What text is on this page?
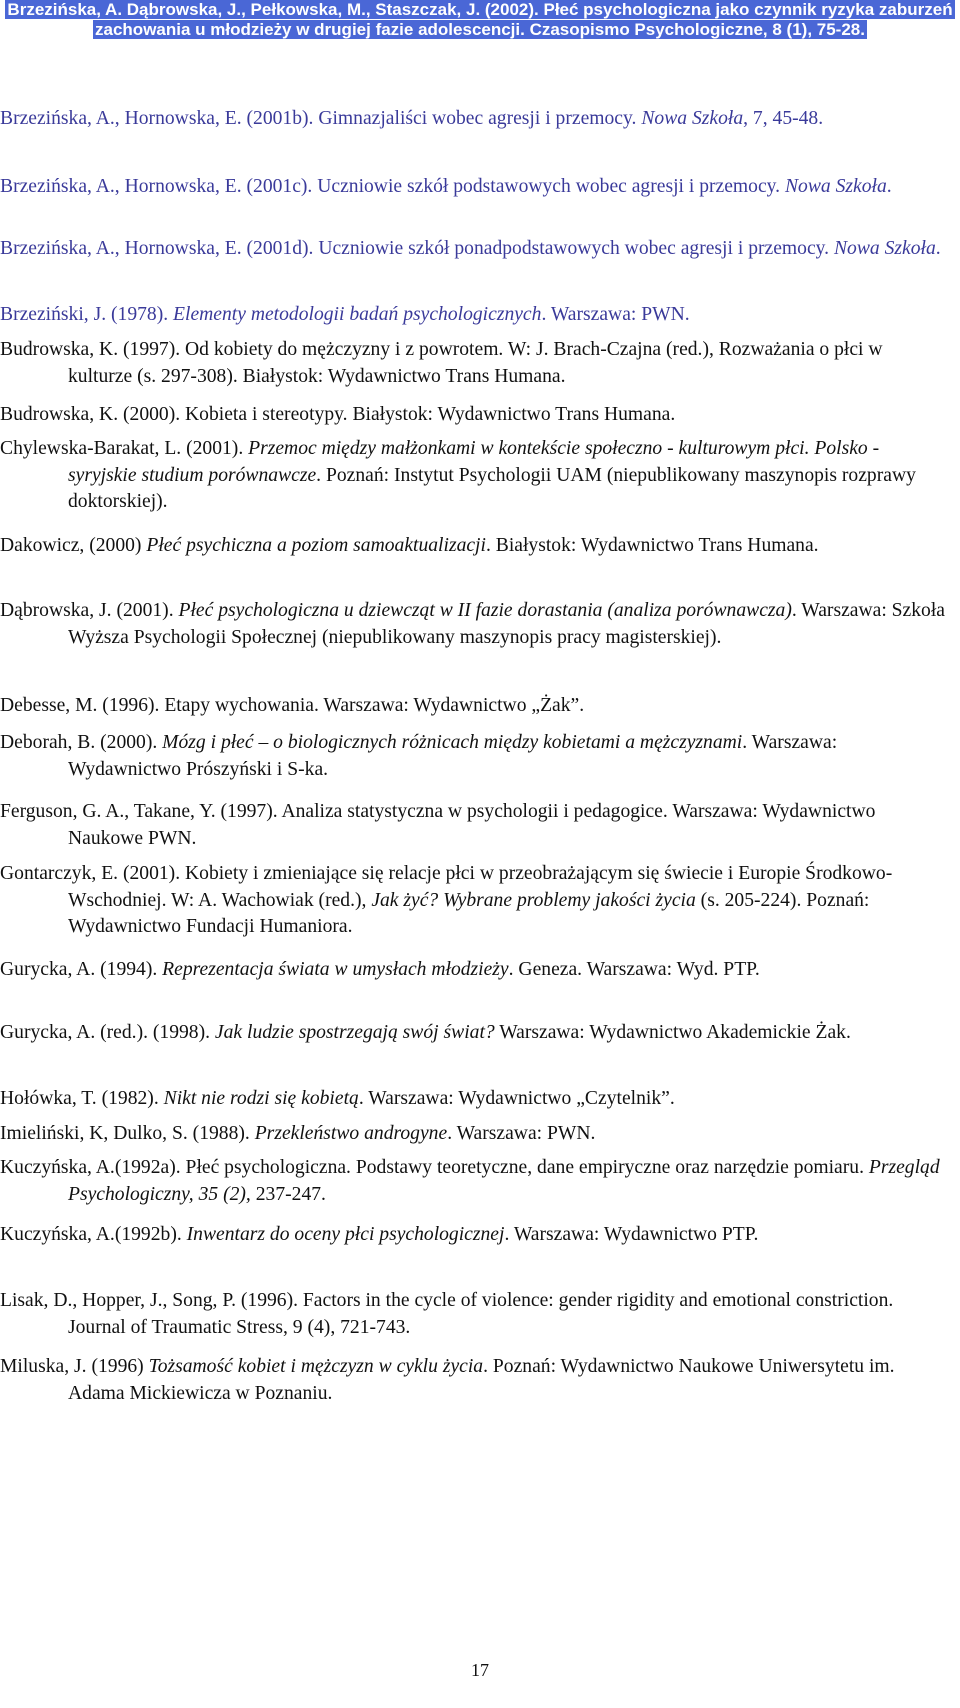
Brzezińska, A. Dąbrowska, J., Pełkowska, M., Staszczak, J. (2002). Płeć psychologiczna jako czynnik ryzyka zaburzeń
zachowania u młodzieży w drugiej fazie adolescencji. Czasopismo Psychologiczne, 8 (1), 75-28.
Brzezińska, A., Hornowska, E. (2001b). Gimnazjaliści wobec agresji i przemocy. Nowa Szkoła, 7, 45-48.
Brzezińska, A., Hornowska, E. (2001c). Uczniowie szkół podstawowych wobec agresji i przemocy. Nowa Szkoła.
Brzezińska, A., Hornowska, E. (2001d). Uczniowie szkół ponadpodstawowych wobec agresji i przemocy. Nowa Szkoła.
Brzeziński, J. (1978). Elementy metodologii badań psychologicznych. Warszawa: PWN.
Budrowska, K. (1997). Od kobiety do mężczyzny i z powrotem. W: J. Brach-Czajna (red.), Rozważania o płci w kulturze (s. 297-308). Białystok: Wydawnictwo Trans Humana.
Budrowska, K. (2000). Kobieta i stereotypy. Białystok: Wydawnictwo Trans Humana.
Chylewska-Barakat, L. (2001). Przemoc między małżonkami w kontekście społeczno - kulturowym płci. Polsko - syryjskie studium porównawcze. Poznań: Instytut Psychologii UAM (niepublikowany maszynopis rozprawy doktorskiej).
Dakowicz, (2000) Płeć psychiczna a poziom samoaktualizacji. Białystok: Wydawnictwo Trans Humana.
Dąbrowska, J. (2001). Płeć psychologiczna u dziewcząt w II fazie dorastania (analiza porównawcza). Warszawa: Szkoła Wyższa Psychologii Społecznej (niepublikowany maszynopis pracy magisterskiej).
Debesse, M. (1996). Etapy wychowania. Warszawa: Wydawnictwo „Żak”.
Deborah, B. (2000). Mózg i płeć – o biologicznych różnicach między kobietami a mężczyznami. Warszawa: Wydawnictwo Prószyński i S-ka.
Ferguson, G. A., Takane, Y. (1997). Analiza statystyczna w psychologii i pedagogice. Warszawa: Wydawnictwo Naukowe PWN.
Gontarczyk, E. (2001). Kobiety i zmieniające się relacje płci w przeobrażającym się świecie i Europie Środkowo-Wschodniej. W: A. Wachowiak (red.), Jak żyć? Wybrane problemy jakości życia (s. 205-224). Poznań: Wydawnictwo Fundacji Humaniora.
Gurycka, A. (1994). Reprezentacja świata w umysłach młodzieży. Geneza. Warszawa: Wyd. PTP.
Gurycka, A. (red.). (1998). Jak ludzie spostrzegają swój świat? Warszawa: Wydawnictwo Akademickie Żak.
Hołówka, T. (1982). Nikt nie rodzi się kobietą. Warszawa: Wydawnictwo „Czytelnik”.
Imieliński, K, Dulko, S. (1988). Przekleństwo androgyne. Warszawa: PWN.
Kuczyńska, A.(1992a). Płeć psychologiczna. Podstawy teoretyczne, dane empiryczne oraz narzędzie pomiaru. Przegląd Psychologiczny, 35 (2), 237-247.
Kuczyńska, A.(1992b). Inwentarz do oceny płci psychologicznej. Warszawa: Wydawnictwo PTP.
Lisak, D., Hopper, J., Song, P. (1996). Factors in the cycle of violence: gender rigidity and emotional constriction. Journal of Traumatic Stress, 9 (4), 721-743.
Miluska, J. (1996) Tożsamość kobiet i mężczyzn w cyklu życia. Poznań: Wydawnictwo Naukowe Uniwersytetu im. Adama Mickiewicza w Poznaniu.
17
